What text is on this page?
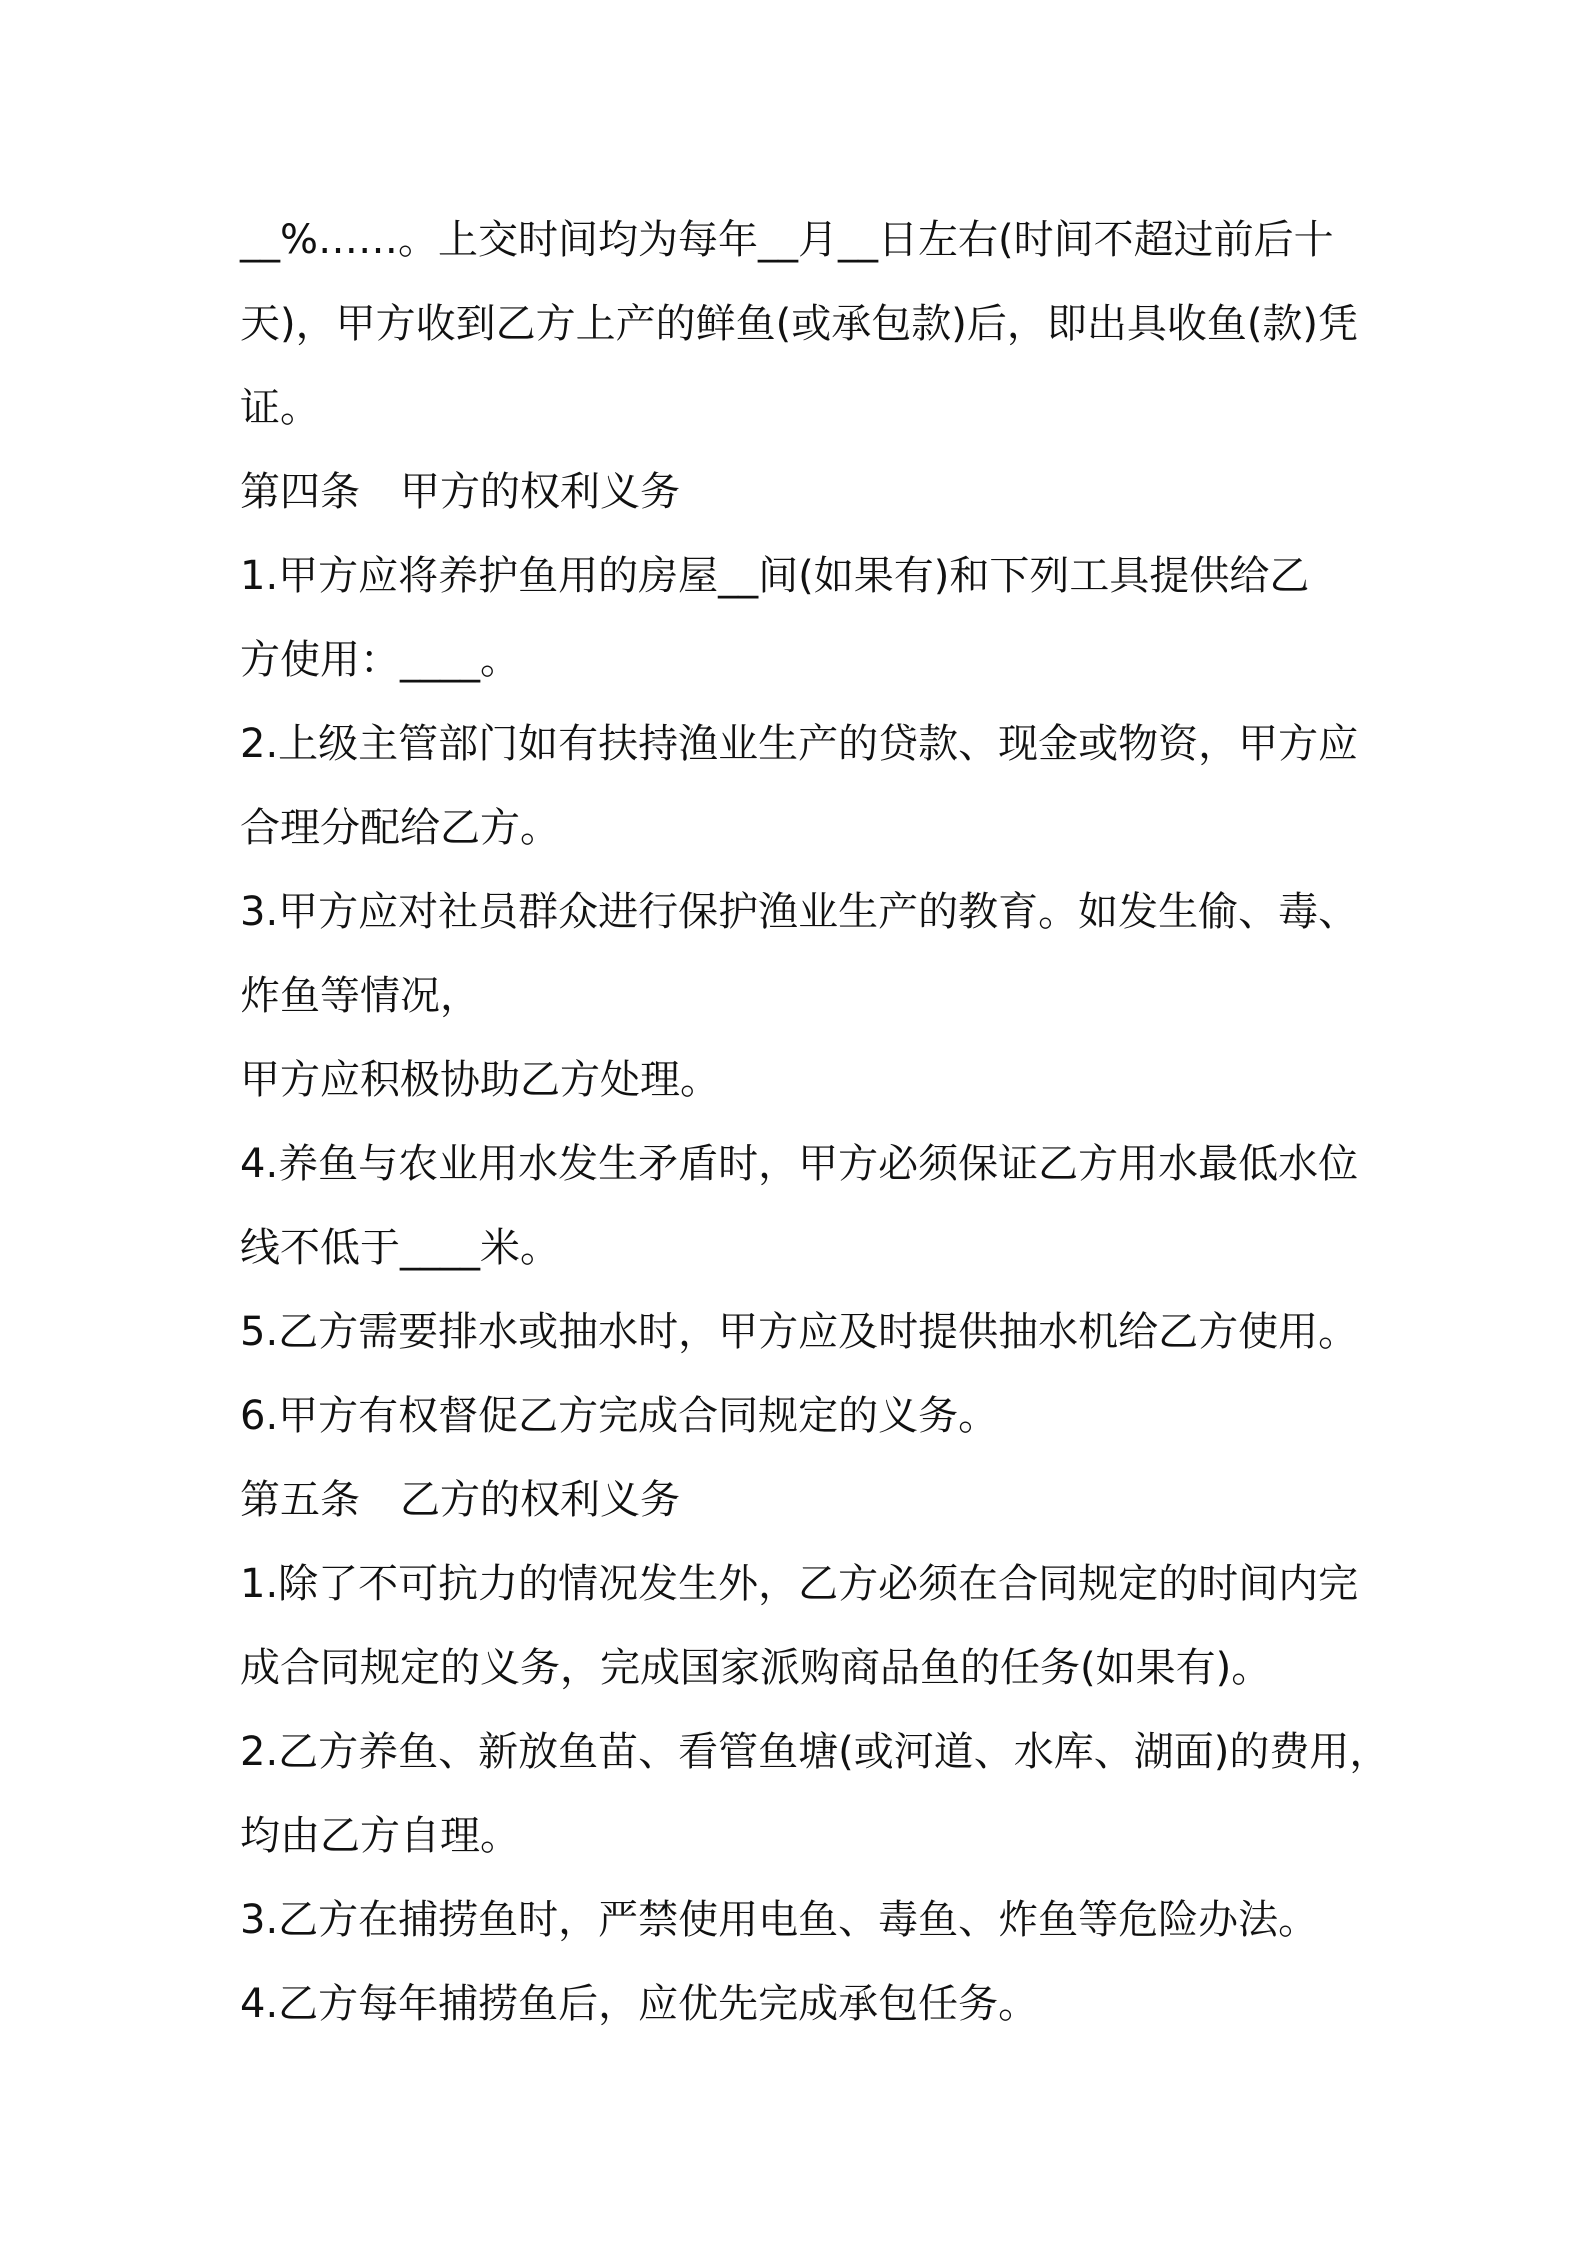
__%……。上交时间均为每年__月__日左右(时间不超过前后十
天)，甲方收到乙方上产的鲜鱼(或承包款)后，即出具收鱼(款)凭
证。
第四条　甲方的权利义务
1.甲方应将养护鱼用的房屋__间(如果有)和下列工具提供给乙
方使用：____。
2.上级主管部门如有扶持渔业生产的贷款、现金或物资，甲方应
合理分配给乙方。
3.甲方应对社员群众进行保护渔业生产的教育。如发生偷、毒、
炸鱼等情况，
甲方应积极协助乙方处理。
4.养鱼与农业用水发生矛盾时，甲方必须保证乙方用水最低水位
线不低于____米。
5.乙方需要排水或抽水时，甲方应及时提供抽水机给乙方使用。
6.甲方有权督促乙方完成合同规定的义务。
第五条　乙方的权利义务
1.除了不可抗力的情况发生外，乙方必须在合同规定的时间内完
成合同规定的义务，完成国家派购商品鱼的任务(如果有)。
2.乙方养鱼、新放鱼苗、看管鱼塘(或河道、水库、湖面)的费用，
均由乙方自理。
3.乙方在捕捞鱼时，严禁使用电鱼、毒鱼、炸鱼等危险办法。
4.乙方每年捕捞鱼后，应优先完成承包任务。
